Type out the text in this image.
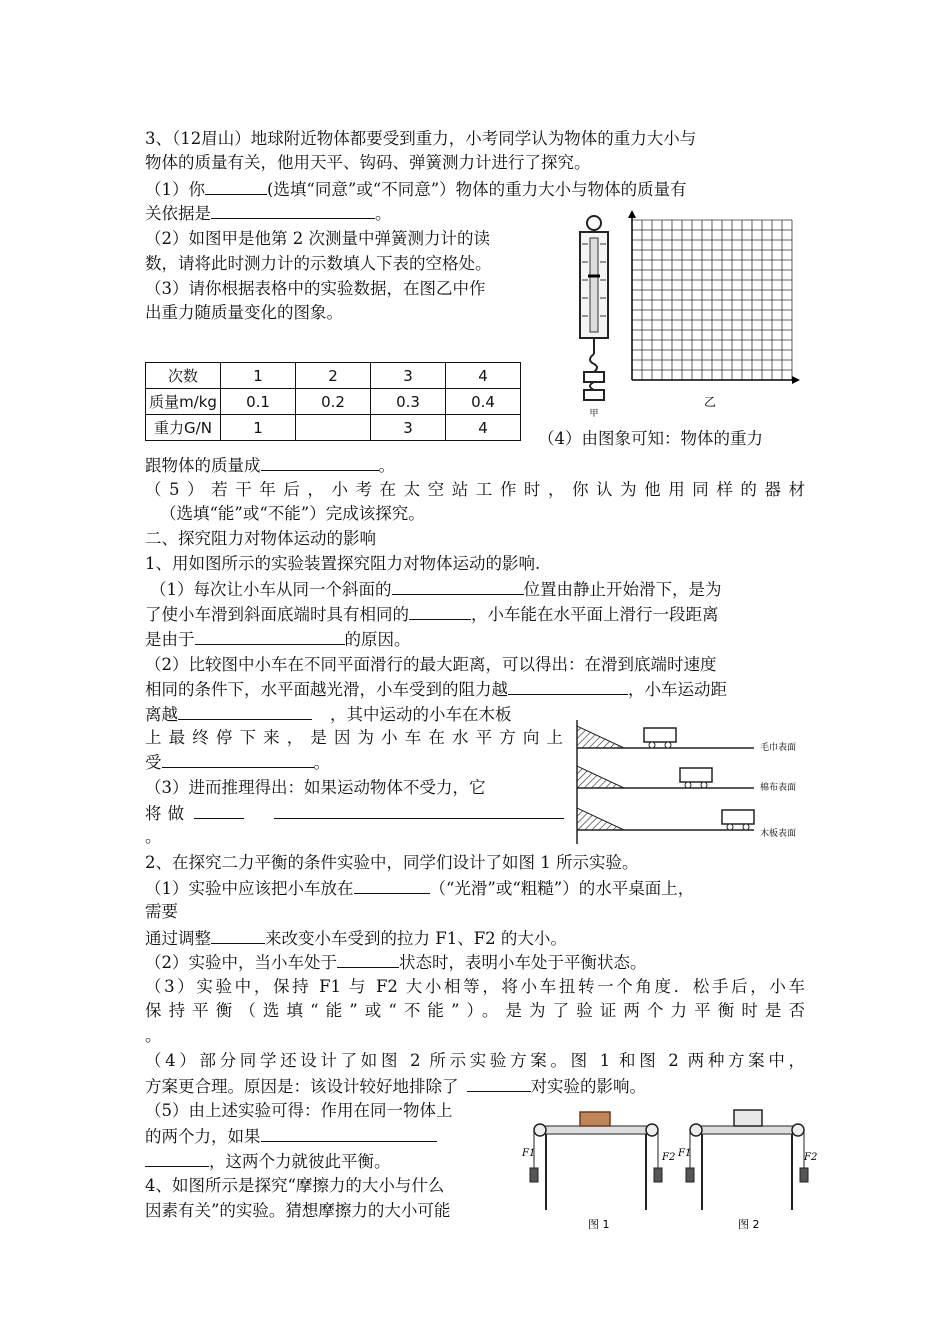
3、（12眉山）地球附近物体都要受到重力，小考同学认为物体的重力大小与
物体的质量有关，他用天平、钩码、弹簧测力计进行了探究。
（1）你	(选填“同意”或“不同意”）物体的重力大小与物体的质量有
关依据是	。
（2）如图甲是他第 2 次测量中弹簧测力计的读
数，请将此时测力计的示数填人下表的空格处。
（3）请你根据表格中的实验数据，在图乙中作
出重力随质量变化的图象。
次数	1	2	3	4
质量m/kg	0.1	0.2	0.3	0.4
重力G/N	1		3	4
甲
乙
（4）由图象可知：物体的重力
跟物体的质量成	。
（5）若干年后，小考在太空站工作时，你认为他用同样的器材
（选填“能”或“不能”）完成该探究。
二、探究阻力对物体运动的影响
1、用如图所示的实验装置探究阻力对物体运动的影响.
（1）每次让小车从同一个斜面的	位置由静止开始滑下，是为
了使小车滑到斜面底端时具有相同的	，小车能在水平面上滑行一段距离
是由于	的原因。
（2）比较图中小车在不同平面滑行的最大距离，可以得出：在滑到底端时速度
相同的条件下，水平面越光滑，小车受到的阻力越	，小车运动距
离越	，其中运动的小车在木板
上最终停下来，是因为小车在水平方向上
受	。
（3）进而推理得出：如果运动物体不受力，它
将做
。
毛巾表面
棉布表面
木板表面
2、在探究二力平衡的条件实验中，同学们设计了如图 1 所示实验。
（1）实验中应该把小车放在	（“光滑”或“粗糙”）的水平桌面上，
需要
通过调整	来改变小车受到的拉力 F1、F2 的大小。
（2）实验中，当小车处于	状态时，表明小车处于平衡状态。
（3）实验中，保持 F1 与 F2 大小相等，将小车扭转一个角度．松手后，小车
保持平衡（选填“能”或“不能”）。是为了验证两个力平衡时是否
。
（4）部分同学还设计了如图 2 所示实验方案。图 1 和图 2 两种方案中，
方案更合理。原因是：该设计较好地排除了	对实验的影响。
（5）由上述实验可得：作用在同一物体上
的两个力，如果
，这两个力就彼此平衡。
4、如图所示是探究“摩擦力的大小与什么
因素有关”的实验。猜想摩擦力的大小可能
F1	F2
图 1
F1	F2
图 2
